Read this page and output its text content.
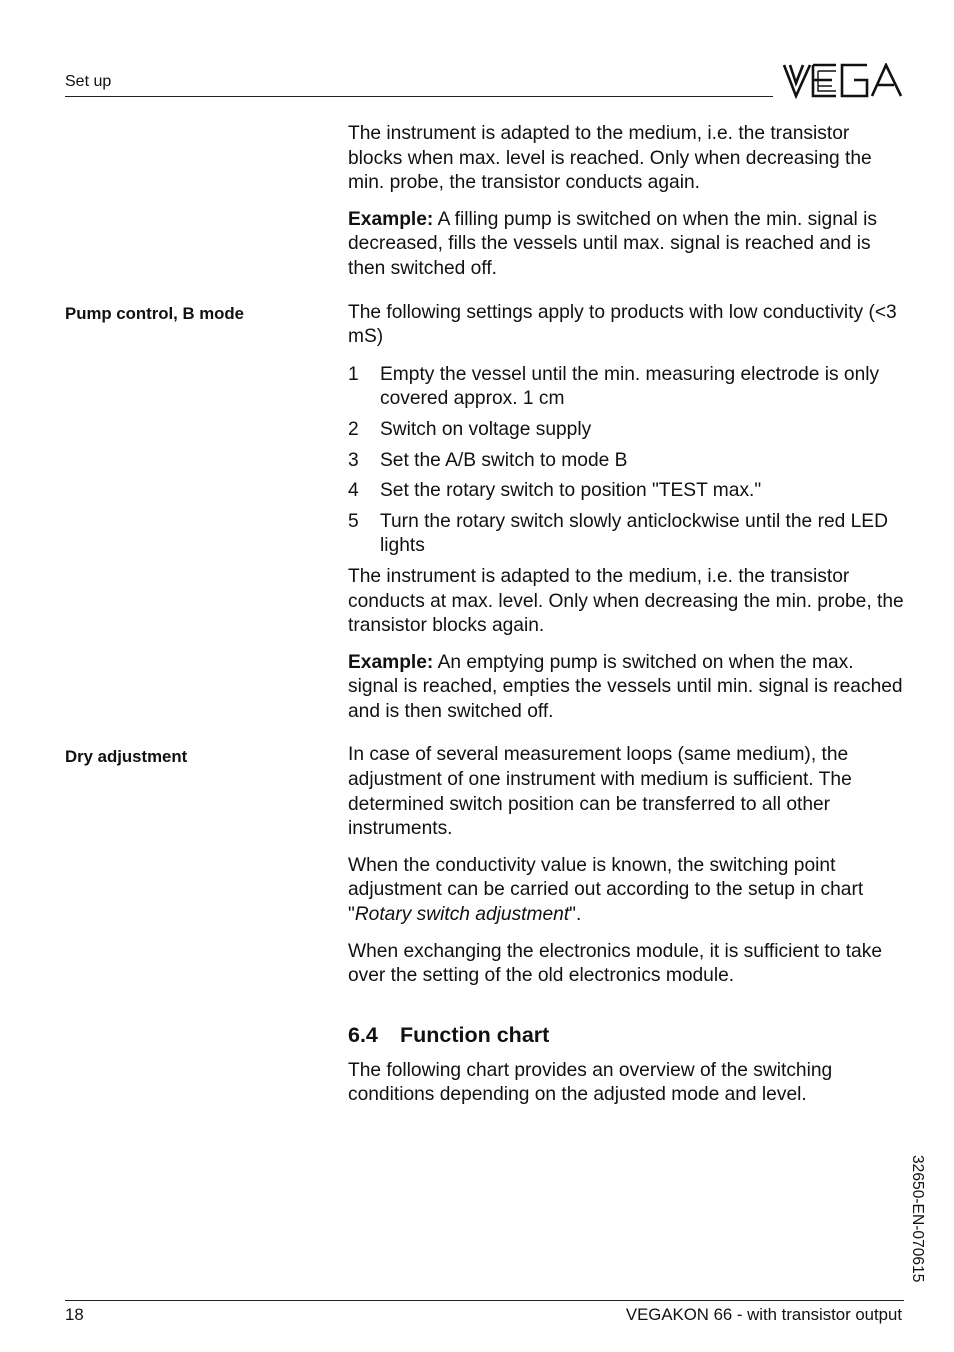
Set up

The instrument is adapted to the medium, i.e. the transistor blocks when max. level is reached. Only when decreasing the min. probe, the transistor conducts again.

Example: A filling pump is switched on when the min. signal is decreased, fills the vessels until max. signal is reached and is then switched off.

The following settings apply to products with low conductivity (<3 mS)

1 Empty the vessel until the min. measuring electrode is only covered approx. 1 cm
2 Switch on voltage supply
3 Set the A/B switch to mode B
4 Set the rotary switch to position "TEST max."
5 Turn the rotary switch slowly anticlockwise until the red LED lights

The instrument is adapted to the medium, i.e. the transistor conducts at max. level. Only when decreasing the min. probe, the transistor blocks again.

Example: An emptying pump is switched on when the max. signal is reached, empties the vessels until min. signal is reached and is then switched off.

In case of several measurement loops (same medium), the adjustment of one instrument with medium is sufficient. The determined switch position can be transferred to all other instruments.

When the conductivity value is known, the switching point adjustment can be carried out according to the setup in chart "Rotary switch adjustment".

When exchanging the electronics module, it is sufficient to take over the setting of the old electronics module.

6.4 Function chart

The following chart provides an overview of the switching conditions depending on the adjusted mode and level.

Pump control, B mode
Dry adjustment
32650-EN-070615
18	VEGAKON 66 - with transistor output
